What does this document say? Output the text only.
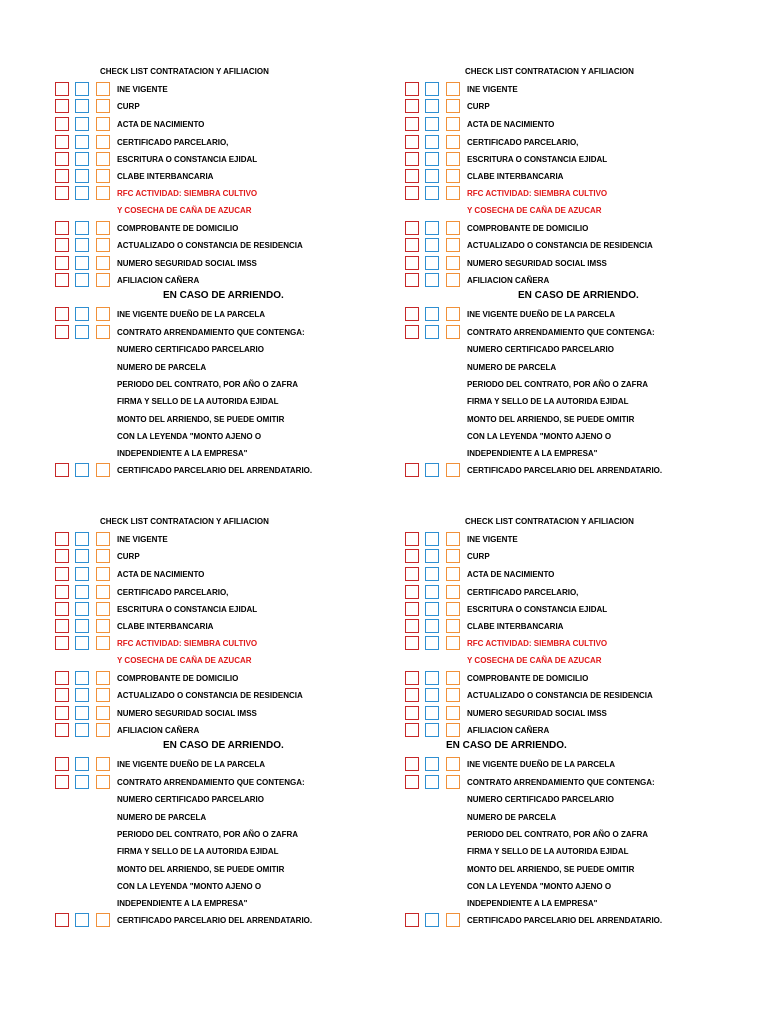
CHECK LIST CONTRATACION Y AFILIACION
INE VIGENTE
CURP
ACTA DE NACIMIENTO
CERTIFICADO PARCELARIO,
ESCRITURA O CONSTANCIA EJIDAL
CLABE INTERBANCARIA
RFC ACTIVIDAD: SIEMBRA CULTIVO
Y COSECHA DE CAÑA DE AZUCAR
COMPROBANTE DE DOMICILIO
ACTUALIZADO O CONSTANCIA DE RESIDENCIA
NUMERO SEGURIDAD SOCIAL IMSS
AFILIACION CAÑERA
EN CASO DE ARRIENDO.
INE VIGENTE DUEÑO DE LA PARCELA
CONTRATO ARRENDAMIENTO QUE CONTENGA:
NUMERO CERTIFICADO PARCELARIO
NUMERO DE PARCELA
PERIODO DEL CONTRATO, POR AÑO O ZAFRA
FIRMA Y SELLO DE LA AUTORIDA EJIDAL
MONTO DEL ARRIENDO, SE PUEDE OMITIR
CON LA LEYENDA "MONTO AJENO O
INDEPENDIENTE A LA EMPRESA"
CERTIFICADO PARCELARIO DEL ARRENDATARIO.
CHECK LIST CONTRATACION Y AFILIACION
INE VIGENTE
CURP
ACTA DE NACIMIENTO
CERTIFICADO PARCELARIO,
ESCRITURA O CONSTANCIA EJIDAL
CLABE INTERBANCARIA
RFC ACTIVIDAD: SIEMBRA CULTIVO
Y COSECHA DE CAÑA DE AZUCAR
COMPROBANTE DE DOMICILIO
ACTUALIZADO O CONSTANCIA DE RESIDENCIA
NUMERO SEGURIDAD SOCIAL IMSS
AFILIACION CAÑERA
EN CASO DE ARRIENDO.
INE VIGENTE DUEÑO DE LA PARCELA
CONTRATO ARRENDAMIENTO QUE CONTENGA:
NUMERO CERTIFICADO PARCELARIO
NUMERO DE PARCELA
PERIODO DEL CONTRATO, POR AÑO O ZAFRA
FIRMA Y SELLO DE LA AUTORIDA EJIDAL
MONTO DEL ARRIENDO, SE PUEDE OMITIR
CON LA LEYENDA "MONTO AJENO O
INDEPENDIENTE A LA EMPRESA"
CERTIFICADO PARCELARIO DEL ARRENDATARIO.
CHECK LIST CONTRATACION Y AFILIACION
INE VIGENTE
CURP
ACTA DE NACIMIENTO
CERTIFICADO PARCELARIO,
ESCRITURA O CONSTANCIA EJIDAL
CLABE INTERBANCARIA
RFC ACTIVIDAD: SIEMBRA CULTIVO
Y COSECHA DE CAÑA DE AZUCAR
COMPROBANTE DE DOMICILIO
ACTUALIZADO O CONSTANCIA DE RESIDENCIA
NUMERO SEGURIDAD SOCIAL IMSS
AFILIACION CAÑERA
EN CASO DE ARRIENDO.
INE VIGENTE DUEÑO DE LA PARCELA
CONTRATO ARRENDAMIENTO QUE CONTENGA:
NUMERO CERTIFICADO PARCELARIO
NUMERO DE PARCELA
PERIODO DEL CONTRATO, POR AÑO O ZAFRA
FIRMA Y SELLO DE LA AUTORIDA EJIDAL
MONTO DEL ARRIENDO, SE PUEDE OMITIR
CON LA LEYENDA "MONTO AJENO O
INDEPENDIENTE A LA EMPRESA"
CERTIFICADO PARCELARIO DEL ARRENDATARIO.
CHECK LIST CONTRATACION Y AFILIACION
INE VIGENTE
CURP
ACTA DE NACIMIENTO
CERTIFICADO PARCELARIO,
ESCRITURA O CONSTANCIA EJIDAL
CLABE INTERBANCARIA
RFC ACTIVIDAD: SIEMBRA CULTIVO
Y COSECHA DE CAÑA DE AZUCAR
COMPROBANTE DE DOMICILIO
ACTUALIZADO O CONSTANCIA DE RESIDENCIA
NUMERO SEGURIDAD SOCIAL IMSS
AFILIACION CAÑERA
EN CASO DE ARRIENDO.
INE VIGENTE DUEÑO DE LA PARCELA
CONTRATO ARRENDAMIENTO QUE CONTENGA:
NUMERO CERTIFICADO PARCELARIO
NUMERO DE PARCELA
PERIODO DEL CONTRATO, POR AÑO O ZAFRA
FIRMA Y SELLO DE LA AUTORIDA EJIDAL
MONTO DEL ARRIENDO, SE PUEDE OMITIR
CON LA LEYENDA "MONTO AJENO O
INDEPENDIENTE A LA EMPRESA"
CERTIFICADO PARCELARIO DEL ARRENDATARIO.
